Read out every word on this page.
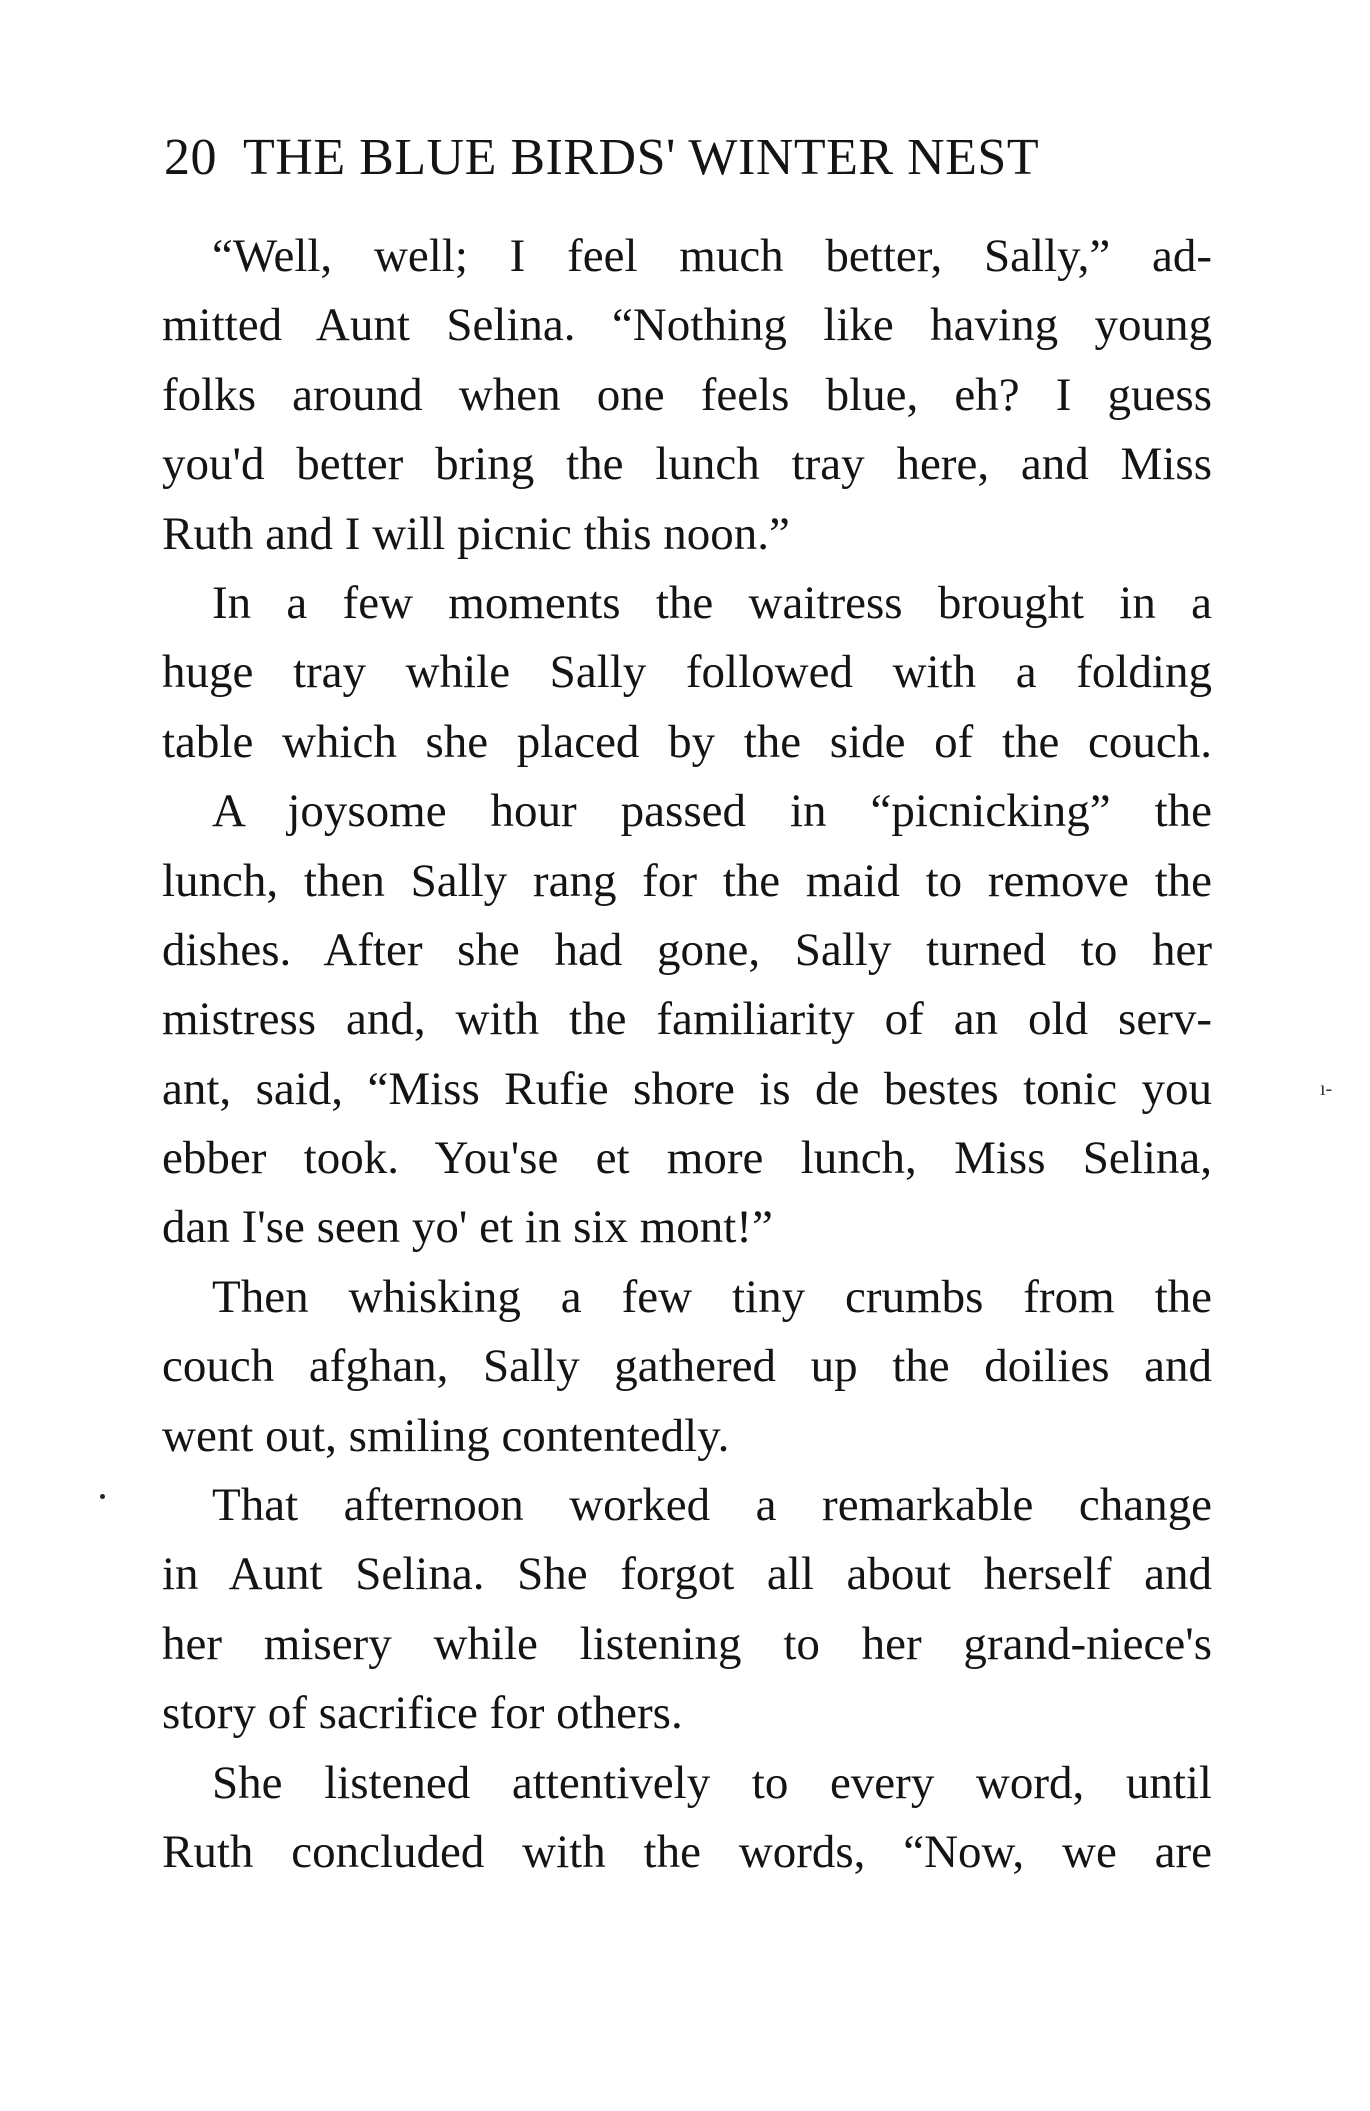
20 THE BLUE BIRDS' WINTER NEST
“Well, well; I feel much better, Sally,” ad-
mitted Aunt Selina. “Nothing like having young
folks around when one feels blue, eh? I guess
you'd better bring the lunch tray here, and Miss
Ruth and I will picnic this noon.”
In a few moments the waitress brought in a
huge tray while Sally followed with a folding
table which she placed by the side of the couch.
A joysome hour passed in “picnicking” the
lunch, then Sally rang for the maid to remove the
dishes. After she had gone, Sally turned to her
mistress and, with the familiarity of an old serv-
ant, said, “Miss Rufie shore is de bestes tonic you
ebber took. You'se et more lunch, Miss Selina,
dan I'se seen yo' et in six mont!”
Then whisking a few tiny crumbs from the
couch afghan, Sally gathered up the doilies and
went out, smiling contentedly.
That afternoon worked a remarkable change
in Aunt Selina. She forgot all about herself and
her misery while listening to her grand-niece's
story of sacrifice for others.
She listened attentively to every word, until
Ruth concluded with the words, “Now, we are
ı-
